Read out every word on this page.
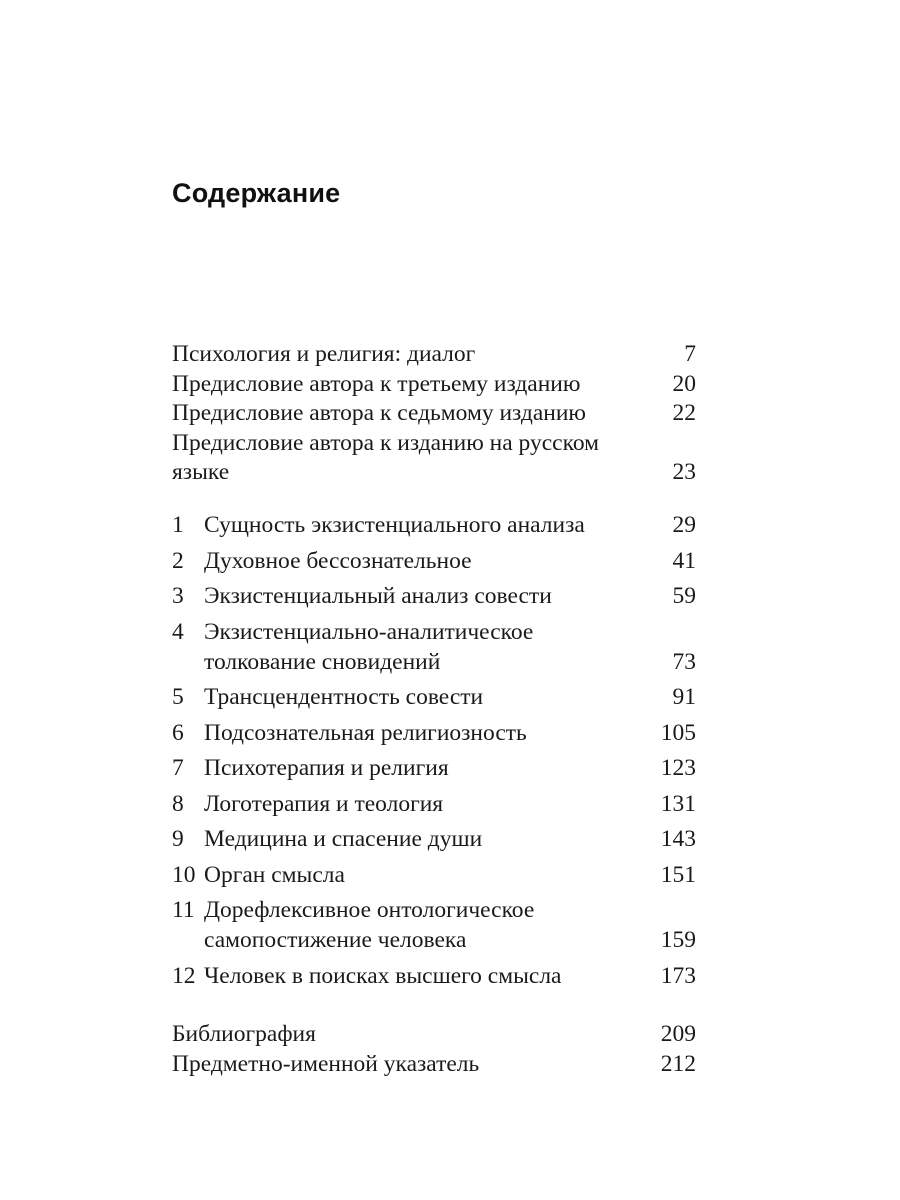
Содержание
Психология и религия: диалог	7
Предисловие автора к третьему изданию	20
Предисловие автора к седьмому изданию	22
Предисловие автора к изданию на русском
языке	23
1 Сущность экзистенциального анализа	29
2 Духовное бессознательное	41
3 Экзистенциальный анализ совести	59
4 Экзистенциально-аналитическое
толкование сновидений	73
5 Трансцендентность совести	91
6 Подсознательная религиозность	105
7 Психотерапия и религия	123
8 Логотерапия и теология	131
9 Медицина и спасение души	143
10 Орган смысла	151
11 Дорефлексивное онтологическое
самопостижение человека	159
12 Человек в поисках высшего смысла	173
Библиография	209
Предметно-именной указатель	212
